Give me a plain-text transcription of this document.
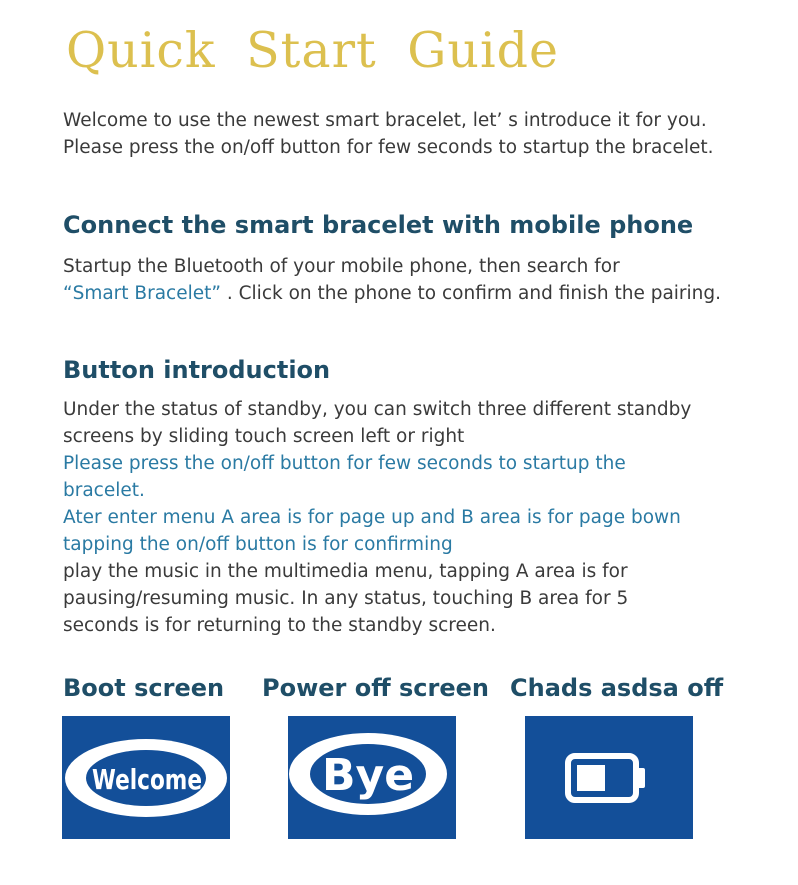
Quick Start Guide
Welcome to use the newest smart bracelet, let’ s introduce it for you.
Please press the on/off button for few seconds to startup the bracelet.
Connect the smart bracelet with mobile phone
Startup the Bluetooth of your mobile phone, then search for
“Smart Bracelet” . Click on the phone to confirm and finish the pairing.
Button introduction
Under the status of standby, you can switch three different standby
screens by sliding touch screen left or right
Please press the on/off button for few seconds to startup the
bracelet.
Ater enter menu A area is for page up and B area is for page bown
tapping the on/off button is for confirming
play the music in the multimedia menu, tapping A area is for
pausing/resuming music. In any status, touching B area for 5
seconds is for returning to the standby screen.
Boot screen Power off screen Chads asdsa off
Welcome	Bye
